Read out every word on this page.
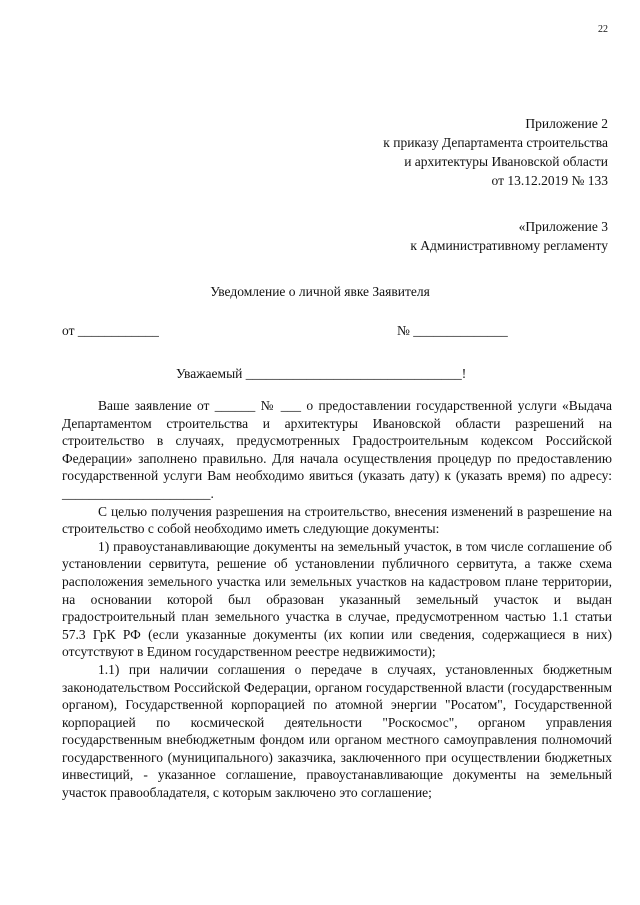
22
Приложение 2
к приказу Департамента строительства
и архитектуры Ивановской области
от 13.12.2019 № 133
«Приложение 3
к Административному регламенту
Уведомление о личной явке Заявителя
от ____________	№ ______________
Уважаемый ________________________________!

Ваше заявление от ______ № ___ о предоставлении государственной услуги «Выдача Департаментом строительства и архитектуры Ивановской области разрешений на строительство в случаях, предусмотренных Градостроительным кодексом Российской Федерации» заполнено правильно. Для начала осуществления процедур по предоставлению государственной услуги Вам необходимо явиться (указать дату) к (указать время) по адресу: ______________________.

С целью получения разрешения на строительство, внесения изменений в разрешение на строительство с собой необходимо иметь следующие документы:

1) правоустанавливающие документы на земельный участок, в том числе соглашение об установлении сервитута, решение об установлении публичного сервитута, а также схема расположения земельного участка или земельных участков на кадастровом плане территории, на основании которой был образован указанный земельный участок и выдан градостроительный план земельного участка в случае, предусмотренном частью 1.1 статьи 57.3 ГрК РФ (если указанные документы (их копии или сведения, содержащиеся в них) отсутствуют в Едином государственном реестре недвижимости);

1.1) при наличии соглашения о передаче в случаях, установленных бюджетным законодательством Российской Федерации, органом государственной власти (государственным органом), Государственной корпорацией по атомной энергии "Росатом", Государственной корпорацией по космической деятельности "Роскосмос", органом управления государственным внебюджетным фондом или органом местного самоуправления полномочий государственного (муниципального) заказчика, заключенного при осуществлении бюджетных инвестиций, - указанное соглашение, правоустанавливающие документы на земельный участок правообладателя, с которым заключено это соглашение;
